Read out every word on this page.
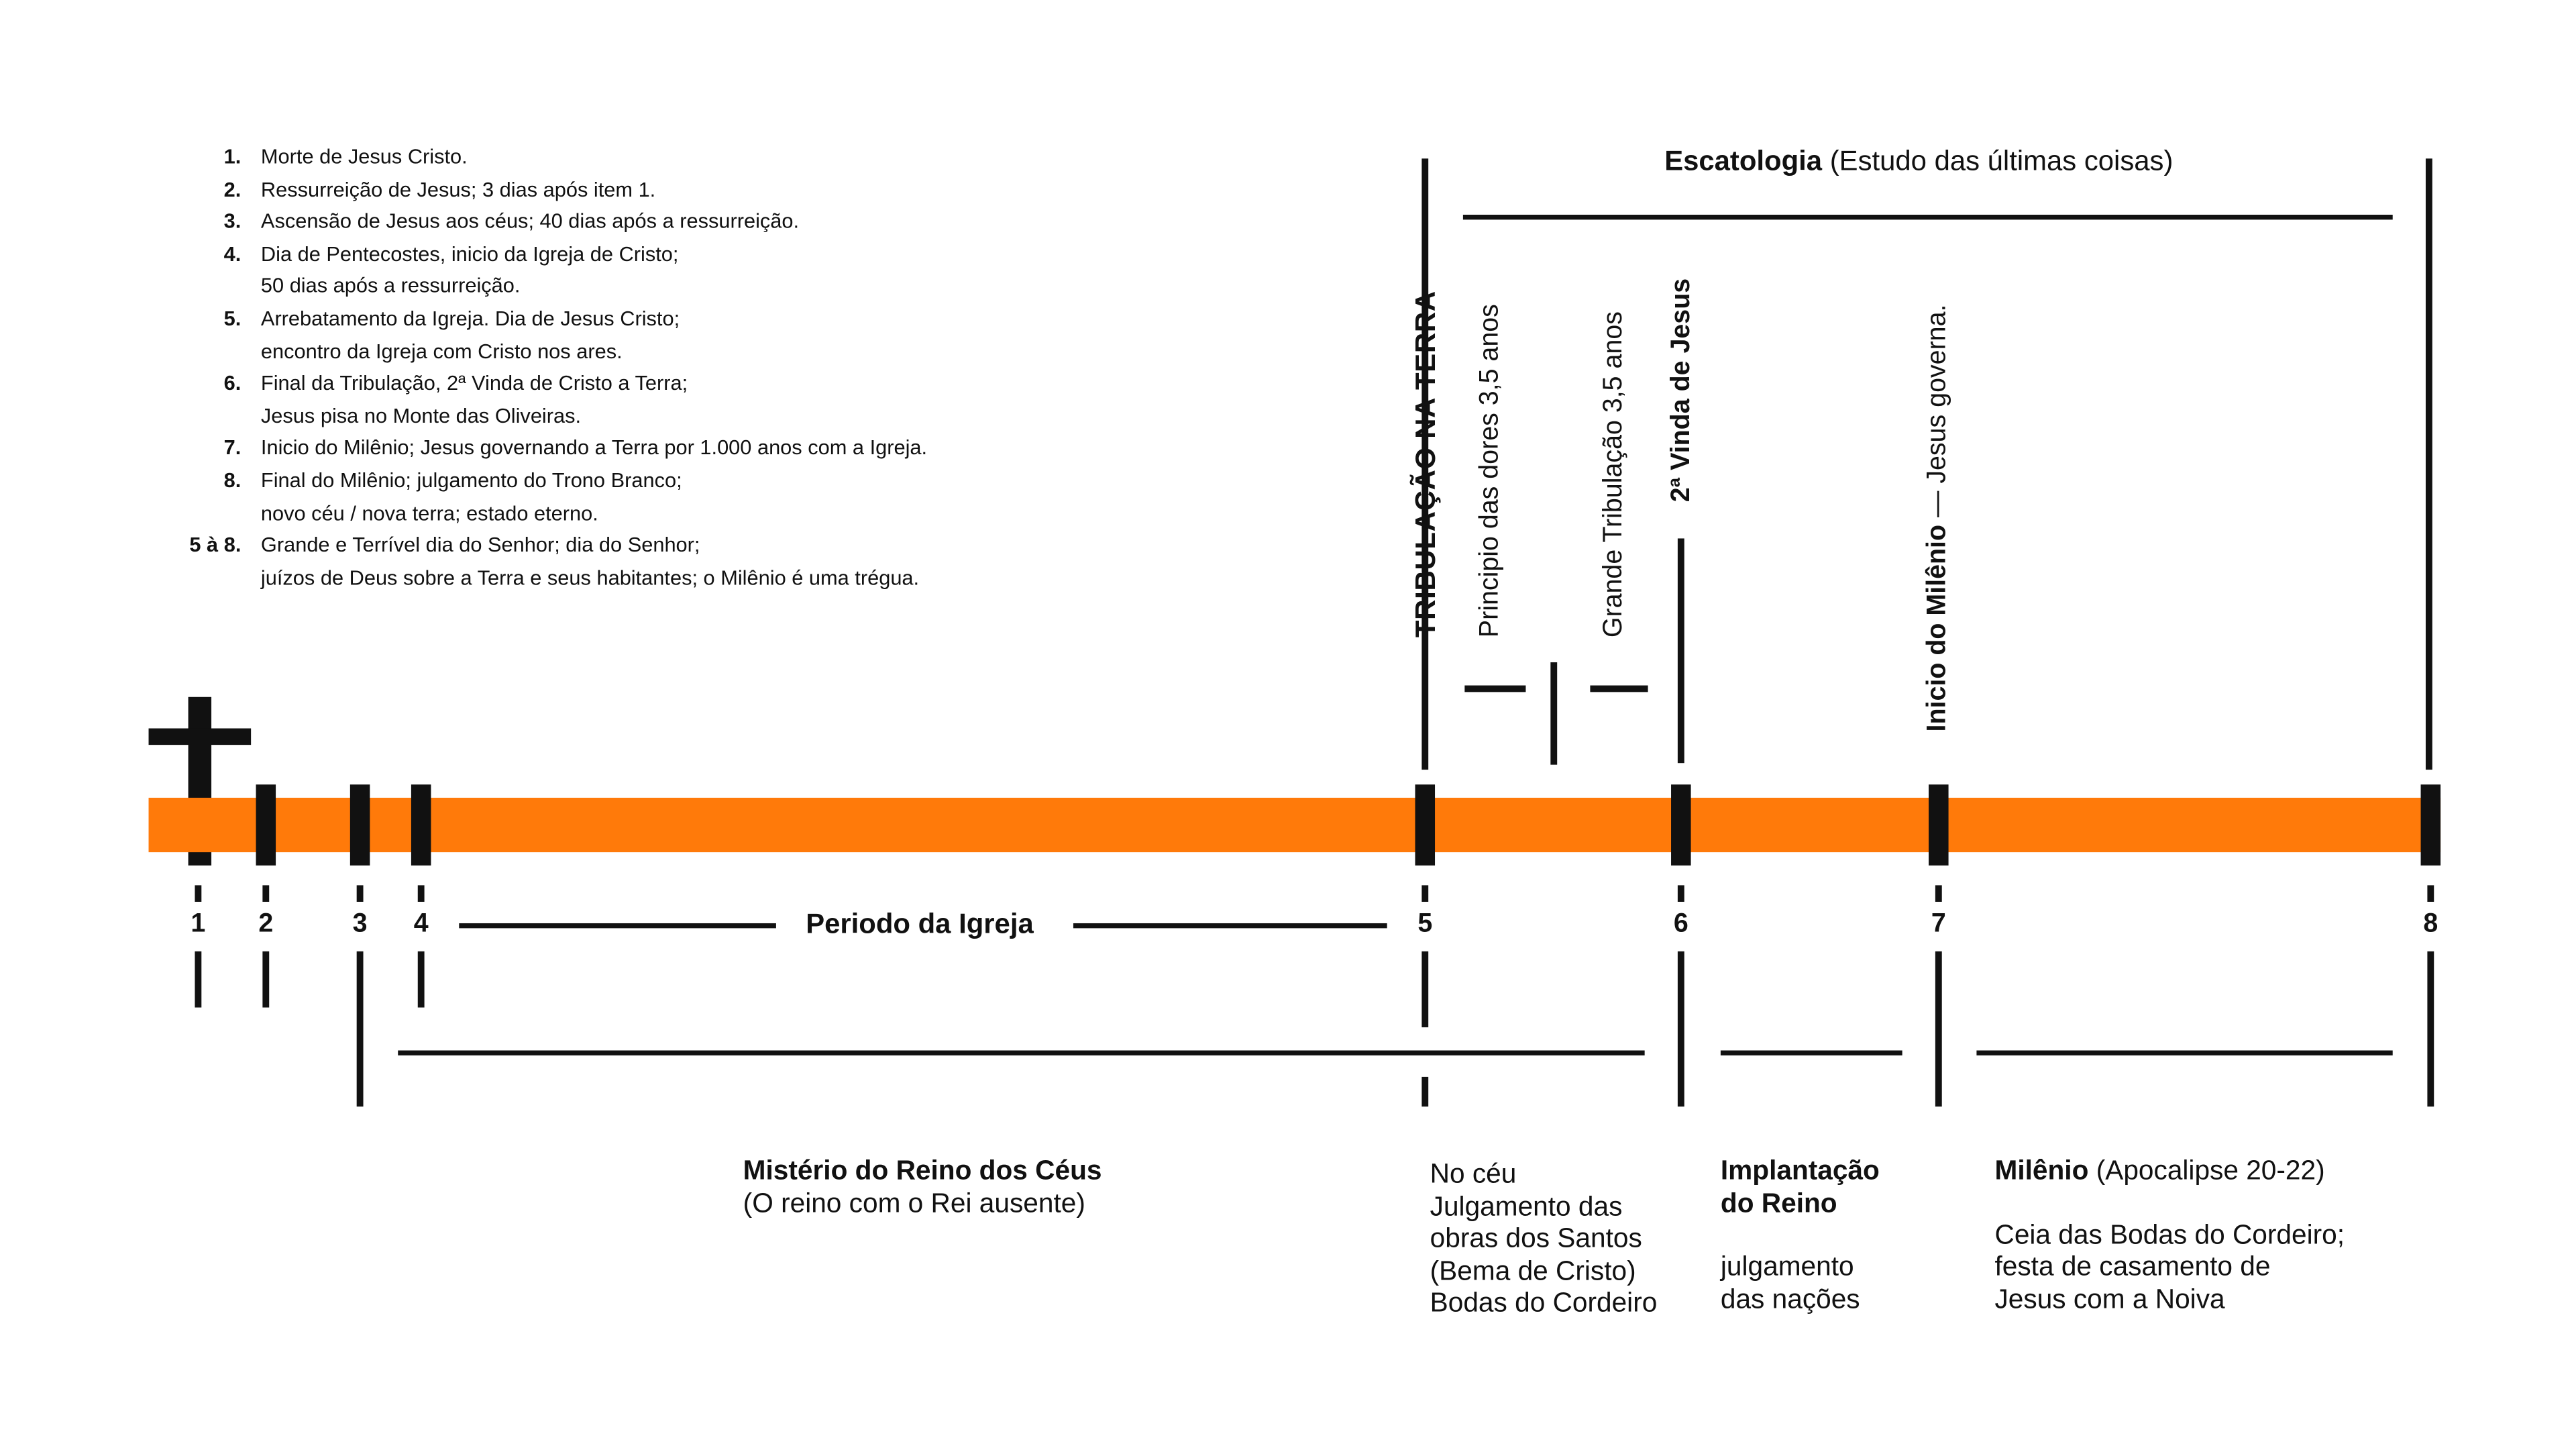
1. Morte de Jesus Cristo.
2. Ressurreição de Jesus; 3 dias após item 1.
3. Ascensão de Jesus aos céus; 40 dias após a ressurreição.
4. Dia de Pentecostes, inicio da Igreja de Cristo;
50 dias após a ressurreição.
5. Arrebatamento da Igreja. Dia de Jesus Cristo;
encontro da Igreja com Cristo nos ares.
6. Final da Tribulação, 2ª Vinda de Cristo a Terra;
Jesus pisa no Monte das Oliveiras.
7. Inicio do Milênio; Jesus governando a Terra por 1.000 anos com a Igreja.
8. Final do Milênio; julgamento do Trono Branco;
novo céu / nova terra; estado eterno.
5 à 8. Grande e Terrível dia do Senhor; dia do Senhor;
juízos de Deus sobre a Terra e seus habitantes; o Milênio é uma trégua.
Escatologia (Estudo das últimas coisas)
TRIBULAÇÃO NA TERRA	Principio das dores 3,5 anos	Grande Tribulação 3,5 anos	2ª Vinda de Jesus
Inicio do Milênio — Jesus governa.
1	2	3	4	5	6	7	8
Periodo da Igreja
Mistério do Reino dos Céus
(O reino com o Rei ausente)
No céu
Julgamento das
obras dos Santos
(Bema de Cristo)
Bodas do Cordeiro
Implantação
do Reino
julgamento
das nações
Milênio (Apocalipse 20-22)
Ceia das Bodas do Cordeiro;
festa de casamento de
Jesus com a Noiva
